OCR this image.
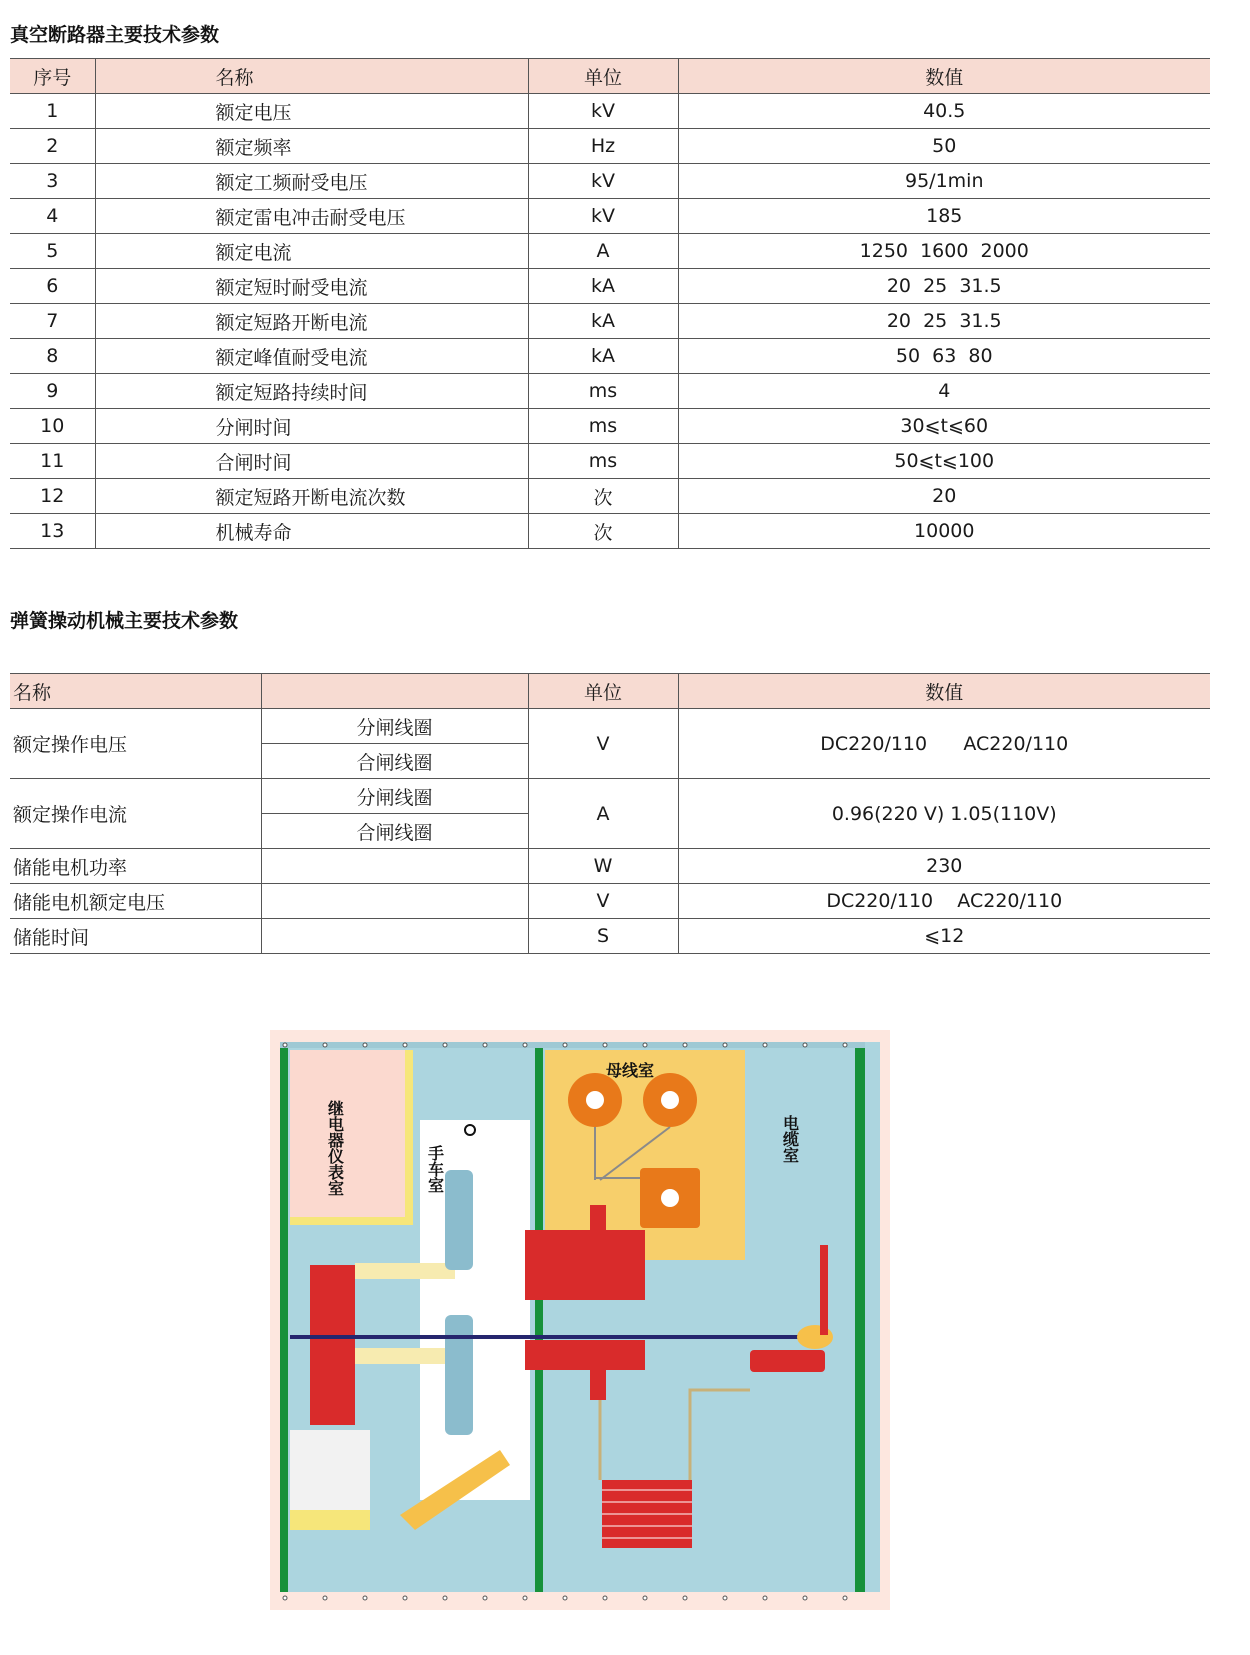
真空断路器主要技术参数
序号	名称	单位	数值
1	额定电压	kV	40.5
2	额定频率	Hz	50
3	额定工频耐受电压	kV	95/1min
4	额定雷电冲击耐受电压	kV	185
5	额定电流	A	1250  1600  2000
6	额定短时耐受电流	kA	20  25  31.5
7	额定短路开断电流	kA	20  25  31.5
8	额定峰值耐受电流	kA	50  63  80
9	额定短路持续时间	ms	4
10	分闸时间	ms	30⩽t⩽60
11	合闸时间	ms	50⩽t⩽100
12	额定短路开断电流次数	次	20
13	机械寿命	次	10000
弹簧操动机械主要技术参数
名称		单位	数值
额定操作电压	分闸线圈	V	DC220/110      AC220/110
	合闸线圈		
额定操作电流	分闸线圈	A	0.96(220 V) 1.05(110V)
	合闸线圈		
储能电机功率		W	230
储能电机额定电压		V	DC220/110    AC220/110
储能时间		S	⩽12
继电器仪表室	手车室
母线室
电缆室
